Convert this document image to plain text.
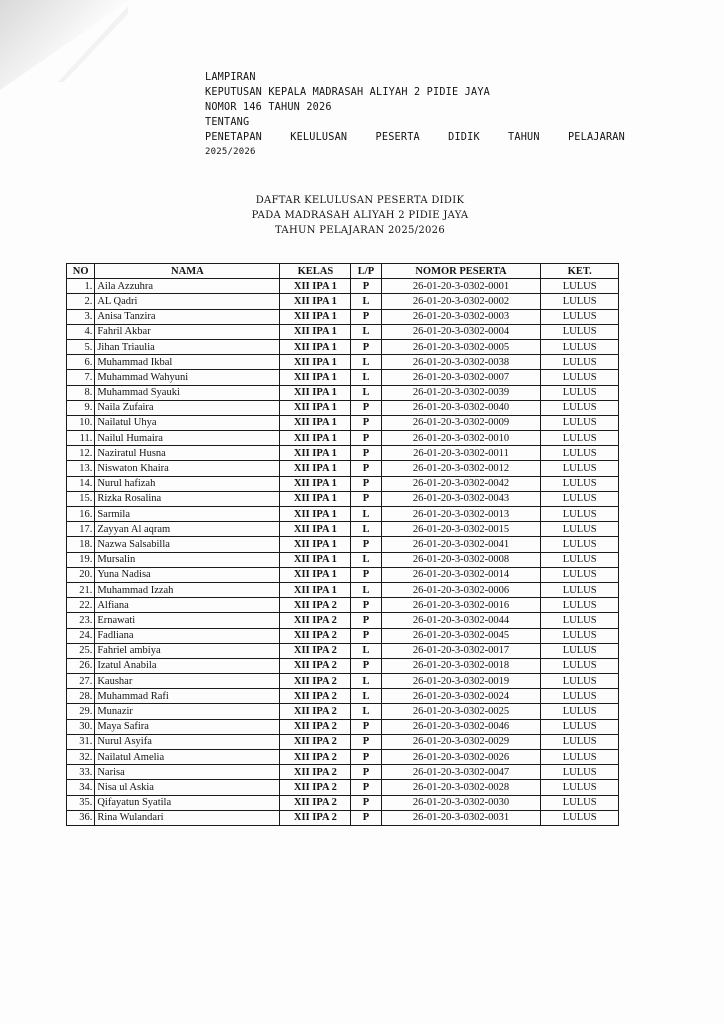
LAMPIRAN
KEPUTUSAN KEPALA MADRASAH ALIYAH 2 PIDIE JAYA
NOMOR 146 TAHUN 2026
TENTANG
PENETAPAN	KELULUSAN	PESERTA	DIDIK	TAHUN	PELAJARAN
2025/2026
DAFTAR KELULUSAN PESERTA DIDIK
PADA MADRASAH ALIYAH 2 PIDIE JAYA
TAHUN PELAJARAN 2025/2026
NO	NAMA	KELAS	L/P	NOMOR PESERTA	KET.
1.	Aila Azzuhra	XII IPA 1	P	26-01-20-3-0302-0001	LULUS
2.	AL Qadri	XII IPA 1	L	26-01-20-3-0302-0002	LULUS
3.	Anisa Tanzira	XII IPA 1	P	26-01-20-3-0302-0003	LULUS
4.	Fahril Akbar	XII IPA 1	L	26-01-20-3-0302-0004	LULUS
5.	Jihan Triaulia	XII IPA 1	P	26-01-20-3-0302-0005	LULUS
6.	Muhammad Ikbal	XII IPA 1	L	26-01-20-3-0302-0038	LULUS
7.	Muhammad Wahyuni	XII IPA 1	L	26-01-20-3-0302-0007	LULUS
8.	Muhammad Syauki	XII IPA 1	L	26-01-20-3-0302-0039	LULUS
9.	Naila Zufaira	XII IPA 1	P	26-01-20-3-0302-0040	LULUS
10.	Nailatul Uhya	XII IPA 1	P	26-01-20-3-0302-0009	LULUS
11.	Nailul Humaira	XII IPA 1	P	26-01-20-3-0302-0010	LULUS
12.	Naziratul Husna	XII IPA 1	P	26-01-20-3-0302-0011	LULUS
13.	Niswaton Khaira	XII IPA 1	P	26-01-20-3-0302-0012	LULUS
14.	Nurul hafizah	XII IPA 1	P	26-01-20-3-0302-0042	LULUS
15.	Rizka Rosalina	XII IPA 1	P	26-01-20-3-0302-0043	LULUS
16.	Sarmila	XII IPA 1	L	26-01-20-3-0302-0013	LULUS
17.	Zayyan Al aqram	XII IPA 1	L	26-01-20-3-0302-0015	LULUS
18.	Nazwa Salsabilla	XII IPA 1	P	26-01-20-3-0302-0041	LULUS
19.	Mursalin	XII IPA 1	L	26-01-20-3-0302-0008	LULUS
20.	Yuna Nadisa	XII IPA 1	P	26-01-20-3-0302-0014	LULUS
21.	Muhammad Izzah	XII IPA 1	L	26-01-20-3-0302-0006	LULUS
22.	Alfiana	XII IPA 2	P	26-01-20-3-0302-0016	LULUS
23.	Ernawati	XII IPA 2	P	26-01-20-3-0302-0044	LULUS
24.	Fadliana	XII IPA 2	P	26-01-20-3-0302-0045	LULUS
25.	Fahriel ambiya	XII IPA 2	L	26-01-20-3-0302-0017	LULUS
26.	Izatul Anabila	XII IPA 2	P	26-01-20-3-0302-0018	LULUS
27.	Kaushar	XII IPA 2	L	26-01-20-3-0302-0019	LULUS
28.	Muhammad Rafi	XII IPA 2	L	26-01-20-3-0302-0024	LULUS
29.	Munazir	XII IPA 2	L	26-01-20-3-0302-0025	LULUS
30.	Maya Safira	XII IPA 2	P	26-01-20-3-0302-0046	LULUS
31.	Nurul Asyifa	XII IPA 2	P	26-01-20-3-0302-0029	LULUS
32.	Nailatul Amelia	XII IPA 2	P	26-01-20-3-0302-0026	LULUS
33.	Narisa	XII IPA 2	P	26-01-20-3-0302-0047	LULUS
34.	Nisa ul Askia	XII IPA 2	P	26-01-20-3-0302-0028	LULUS
35.	Qifayatun Syatila	XII IPA 2	P	26-01-20-3-0302-0030	LULUS
36.	Rina Wulandari	XII IPA 2	P	26-01-20-3-0302-0031	LULUS
